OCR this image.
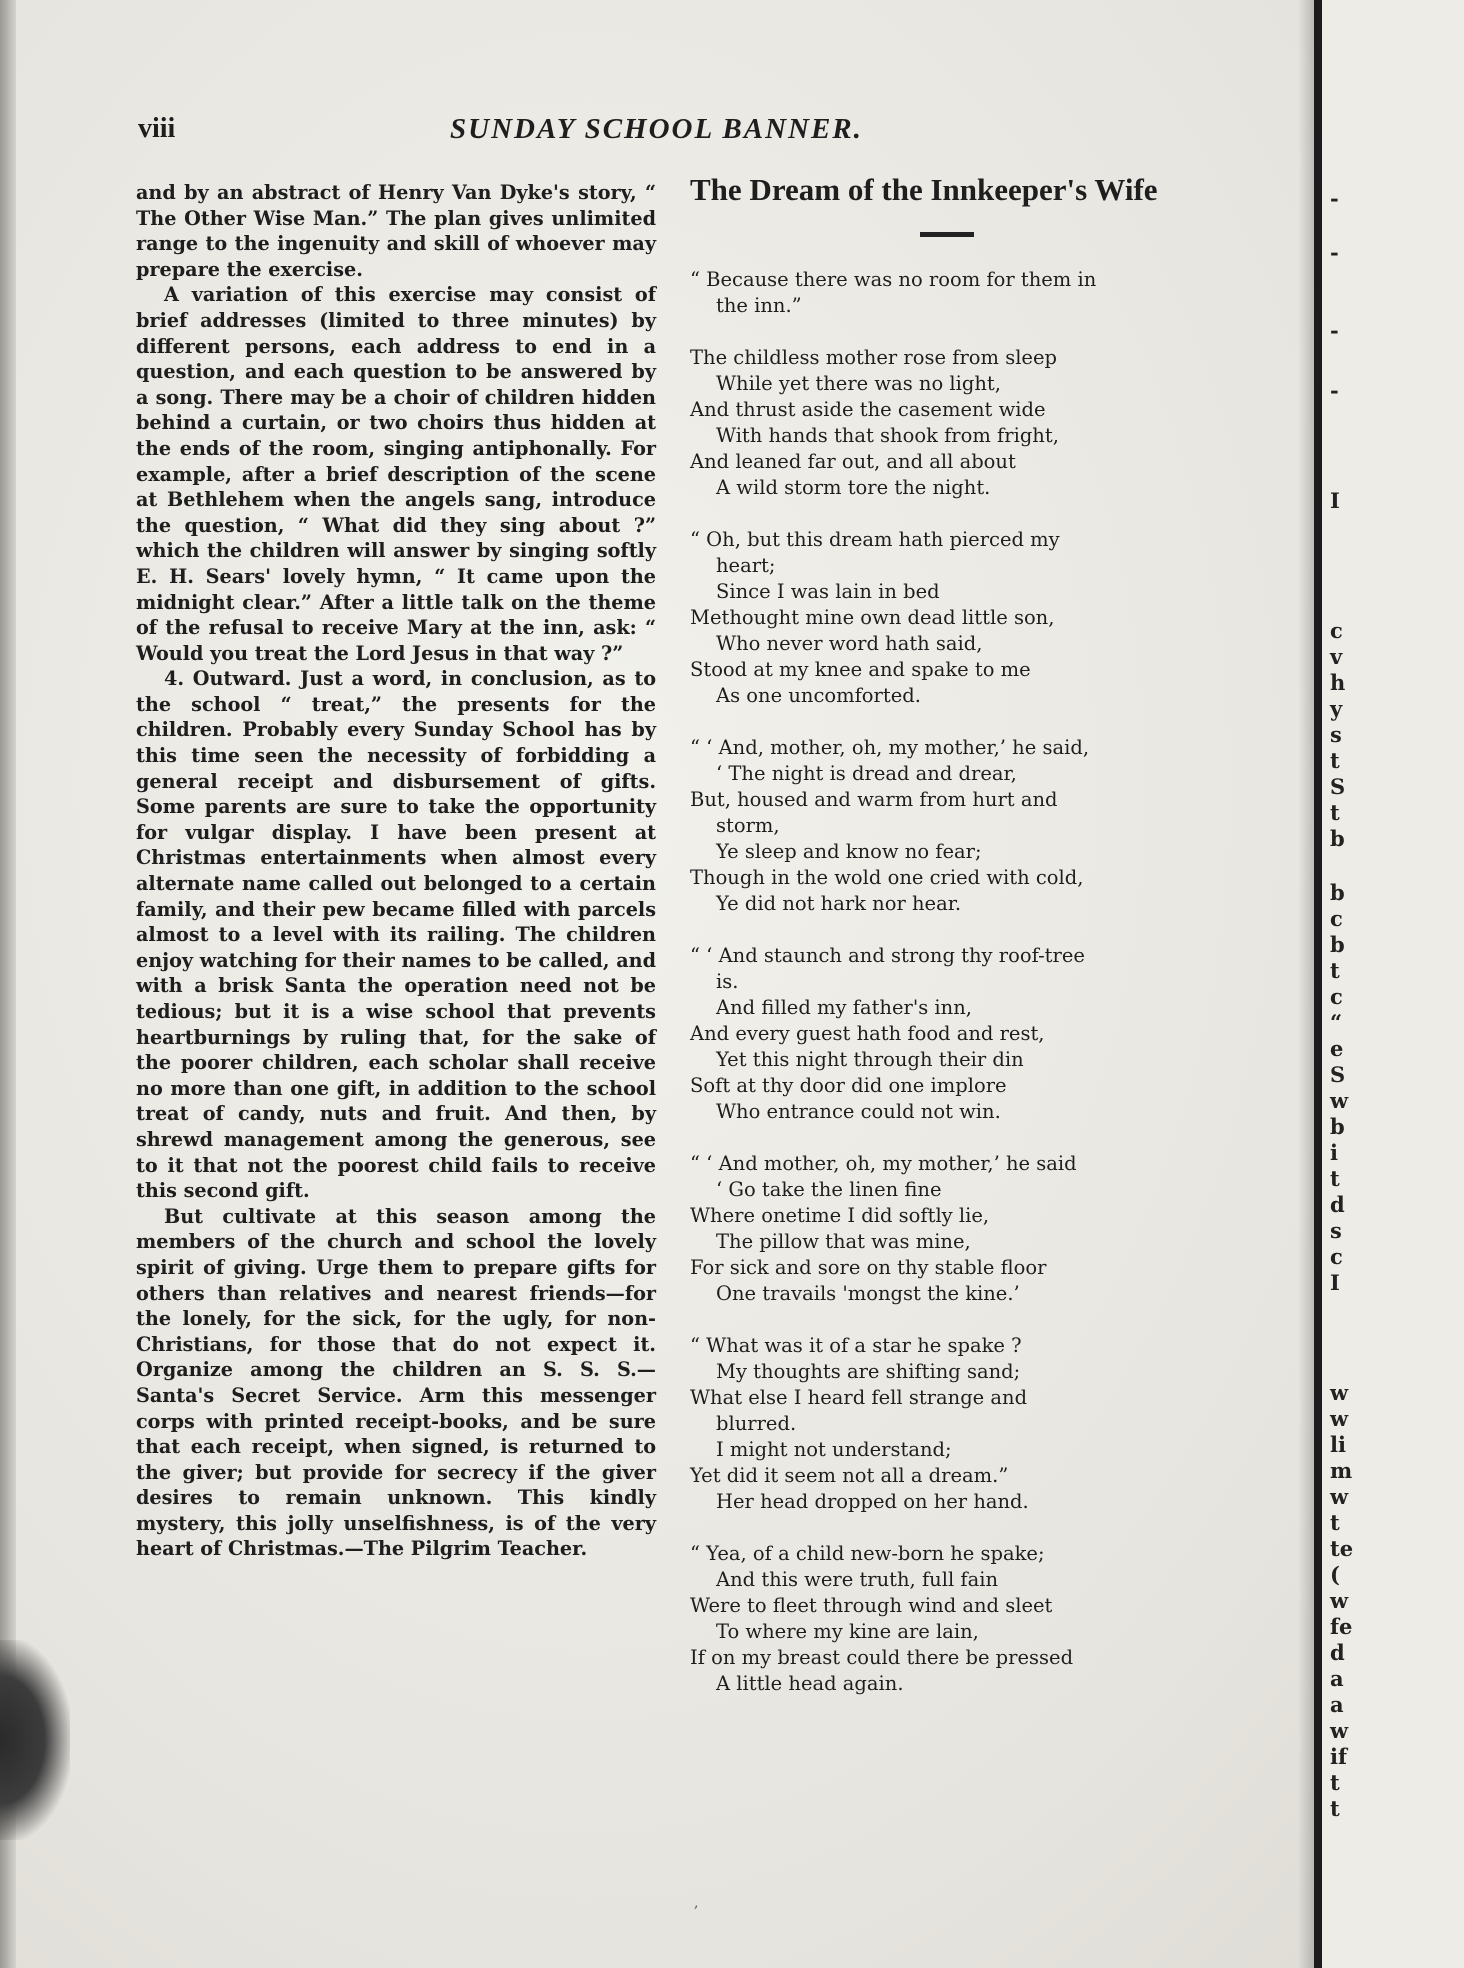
viii	SUNDAY SCHOOL BANNER.

and by an abstract of Henry Van Dyke's story, “ The Other Wise Man.” The plan gives unlimited range to the ingenuity and skill of whoever may prepare the exercise.

A variation of this exercise may consist of brief addresses (limited to three minutes) by different persons, each address to end in a question, and each question to be answered by a song. There may be a choir of children hidden behind a curtain, or two choirs thus hidden at the ends of the room, singing antiphonally. For example, after a brief description of the scene at Bethlehem when the angels sang, introduce the question, “ What did they sing about ?” which the children will answer by singing softly E. H. Sears' lovely hymn, “ It came upon the midnight clear.” After a little talk on the theme of the refusal to receive Mary at the inn, ask: “ Would you treat the Lord Jesus in that way ?”

4. Outward. Just a word, in conclusion, as to the school “ treat,” the presents for the children. Probably every Sunday School has by this time seen the necessity of forbidding a general receipt and disbursement of gifts. Some parents are sure to take the opportunity for vulgar display. I have been present at Christmas entertainments when almost every alternate name called out belonged to a certain family, and their pew became filled with parcels almost to a level with its railing. The children enjoy watching for their names to be called, and with a brisk Santa the operation need not be tedious; but it is a wise school that prevents heartburnings by ruling that, for the sake of the poorer children, each scholar shall receive no more than one gift, in addition to the school treat of candy, nuts and fruit. And then, by shrewd management among the generous, see to it that not the poorest child fails to receive this second gift.

But cultivate at this season among the members of the church and school the lovely spirit of giving. Urge them to prepare gifts for others than relatives and nearest friends—for the lonely, for the sick, for the ugly, for non-Christians, for those that do not expect it. Organize among the children an S. S. S.— Santa's Secret Service. Arm this messenger corps with printed receipt-books, and be sure that each receipt, when signed, is returned to the giver; but provide for secrecy if the giver desires to remain unknown. This kindly mystery, this jolly unselfishness, is of the very heart of Christmas.—The Pilgrim Teacher.

The Dream of the Innkeeper's Wife
“ Because there was no room for them in
the inn.”
The childless mother rose from sleep
While yet there was no light,
And thrust aside the casement wide
With hands that shook from fright,
And leaned far out, and all about
A wild storm tore the night.
“ Oh, but this dream hath pierced my
heart;
Since I was lain in bed
Methought mine own dead little son,
Who never word hath said,
Stood at my knee and spake to me
As one uncomforted.
“ ‘ And, mother, oh, my mother,’ he said,
‘ The night is dread and drear,
But, housed and warm from hurt and
storm,
Ye sleep and know no fear;
Though in the wold one cried with cold,
Ye did not hark nor hear.
“ ‘ And staunch and strong thy roof-tree
is.
And filled my father's inn,
And every guest hath food and rest,
Yet this night through their din
Soft at thy door did one implore
Who entrance could not win.
“ ‘ And mother, oh, my mother,’ he said
‘ Go take the linen fine
Where onetime I did softly lie,
The pillow that was mine,
For sick and sore on thy stable floor
One travails 'mongst the kine.’
“ What was it of a star he spake ?
My thoughts are shifting sand;
What else I heard fell strange and
blurred.
I might not understand;
Yet did it seem not all a dream.”
Her head dropped on her hand.
“ Yea, of a child new-born he spake;
And this were truth, full fain
Were to fleet through wind and sleet
To where my kine are lain,
If on my breast could there be pressed
A little head again.
,
-
-
-
-
I
c
v
h
y
s
t
S
t
b
b
c
b
t
c
“
e
S
w
b
i
t
d
s
c
I
w
w
li
m
w
t
te
(
w
fe
d
a
a
w
if
t
t
